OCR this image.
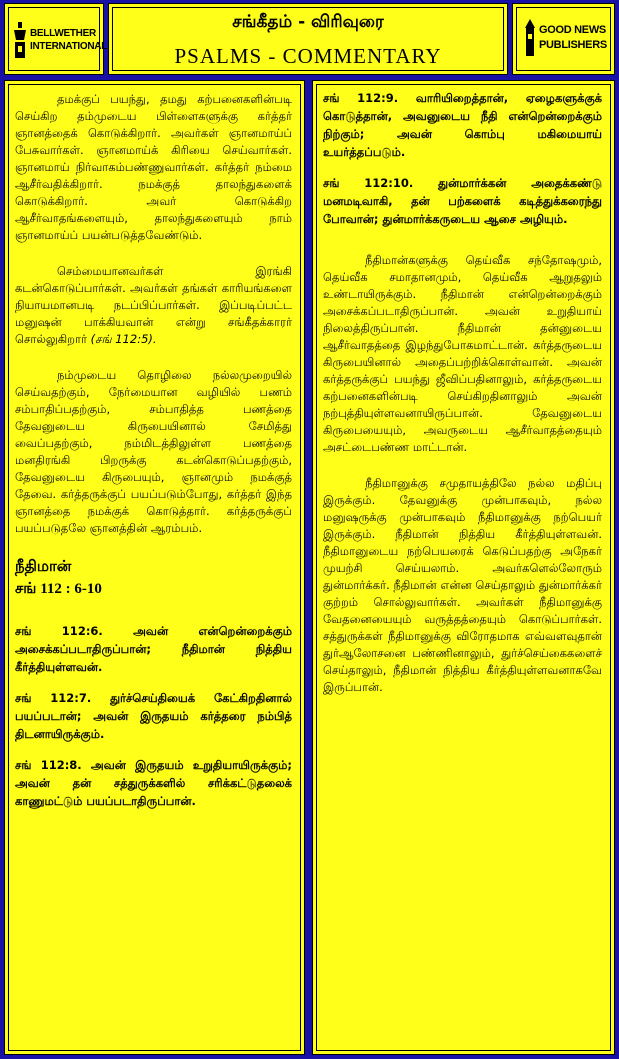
BELLWETHER
INTERNATIONAL
சங்கீதம் - விரிவுரை
PSALMS - COMMENTARY
GOOD NEWS
PUBLISHERS

தமக்குப் பயந்து, தமது கற்பனைகளின்படி செய்கிற தம்முடைய பிள்ளைகளுக்கு கர்த்தர் ஞானத்தைக் கொடுக்கிறார். அவர்கள் ஞானமாய்ப் பேசுவார்கள். ஞானமாய்க் கிரியை செய்வார்கள். ஞானமாய் நிர்வாகம்பண்ணுவார்கள். கர்த்தர் நம்மை ஆசீர்வதிக்கிறார். நமக்குத் தாலந்துகளைக் கொடுக்கிறார். அவர் கொடுக்கிற ஆசீர்வாதங்களையும், தாலந்துகளையும் நாம் ஞானமாய்ப் பயன்படுத்தவேண்டும்.

செம்மையானவர்கள் இரங்கி கடன்கொடுப்பார்கள். அவர்கள் தங்கள் காரியங்களை நியாயமானபடி நடப்பிப்பார்கள். இப்படிப்பட்ட மனுஷன் பாக்கியவான் என்று சங்கீதக்காரர் சொல்லுகிறார் (சங் 112:5).

நம்முடைய தொழிலை நல்லமுறையில் செய்வதற்கும், நேர்மையான வழியில் பணம் சம்பாதிப்பதற்கும், சம்பாதித்த பணத்தை தேவனுடைய கிருபையினால் சேமித்து வைப்பதற்கும், நம்மிடத்திலுள்ள பணத்தை மனதிரங்கி பிறருக்கு கடன்கொடுப்பதற்கும், தேவனுடைய கிருபையும், ஞானமும் நமக்குத் தேவை. கர்த்தருக்குப் பயப்படும்போது, கர்த்தர் இந்த ஞானத்தை நமக்குக் கொடுத்தார். கர்த்தருக்குப் பயப்படுதலே ஞானத்தின் ஆரம்பம்.

நீதிமான்
சங் 112 : 6-10

சங் 112:6. அவன் என்றென்றைக்கும் அசைக்கப்படாதிருப்பான்; நீதிமான் நித்திய கீர்த்தியுள்ளவன்.

சங் 112:7. துர்ச்செய்தியைக் கேட்கிறதினால் பயப்படான்; அவன் இருதயம் கர்த்தரை நம்பித் திடனாயிருக்கும்.

சங் 112:8. அவன் இருதயம் உறுதியாயிருக்கும்; அவன் தன் சத்துருக்களில் சரிக்கட்டுதலைக் காணுமட்டும் பயப்படாதிருப்பான்.

சங் 112:9. வாரியிறைத்தான், ஏழைகளுக்குக் கொடுத்தான், அவனுடைய நீதி என்றென்றைக்கும் நிற்கும்; அவன் கொம்பு மகிமையாய் உயர்த்தப்படும்.

சங் 112:10. துன்மார்க்கன் அதைக்கண்டு மனமடிவாகி, தன் பற்களைக் கடித்துக்கரைந்து போவான்; துன்மார்க்கருடைய ஆசை அழியும்.

நீதிமான்களுக்கு தெய்வீக சந்தோஷமும், தெய்வீக சமாதானமும், தெய்வீக ஆறுதலும் உண்டாயிருக்கும். நீதிமான் என்றென்றைக்கும் அசைக்கப்படாதிருப்பான். அவன் உறுதியாய் நிலைத்திருப்பான். நீதிமான் தன்னுடைய ஆசீர்வாதத்தை இழந்துபோகமாட்டான். கர்த்தருடைய கிருபையினால் அதைப்பற்றிக்கொள்வான். அவன் கர்த்தருக்குப் பயந்து ஜீவிப்பதினாலும், கர்த்தருடைய கற்பனைகளின்படி செய்கிறதினாலும் அவன் நற்புத்தியுள்ளவனாயிருப்பான். தேவனுடைய கிருபையையும், அவருடைய ஆசீர்வாதத்தையும் அசட்டைபண்ண மாட்டான்.

நீதிமானுக்கு சமுதாயத்திலே நல்ல மதிப்பு இருக்கும். தேவனுக்கு முன்பாகவும், நல்ல மனுஷருக்கு முன்பாகவும் நீதிமானுக்கு நற்பெயர் இருக்கும். நீதிமான் நித்திய கீர்த்தியுள்ளவன். நீதிமானுடைய நற்பெயரைக் கெடுப்பதற்கு அநேகர் முயற்சி செய்யலாம். அவர்களெல்லோரும் துன்மார்க்கர். நீதிமான் என்ன செய்தாலும் துன்மார்க்கர் குற்றம் சொல்லுவார்கள். அவர்கள் நீதிமானுக்கு வேதனையையும் வருத்தத்தையும் கொடுப்பார்கள். சத்துருக்கள் நீதிமானுக்கு விரோதமாக எவ்வளவுதான் துர்ஆலோசனை பண்ணினாலும், துர்ச்செய்கைகளைச் செய்தாலும், நீதிமான் நித்திய கீர்த்தியுள்ளவனாகவே இருப்பான்.
